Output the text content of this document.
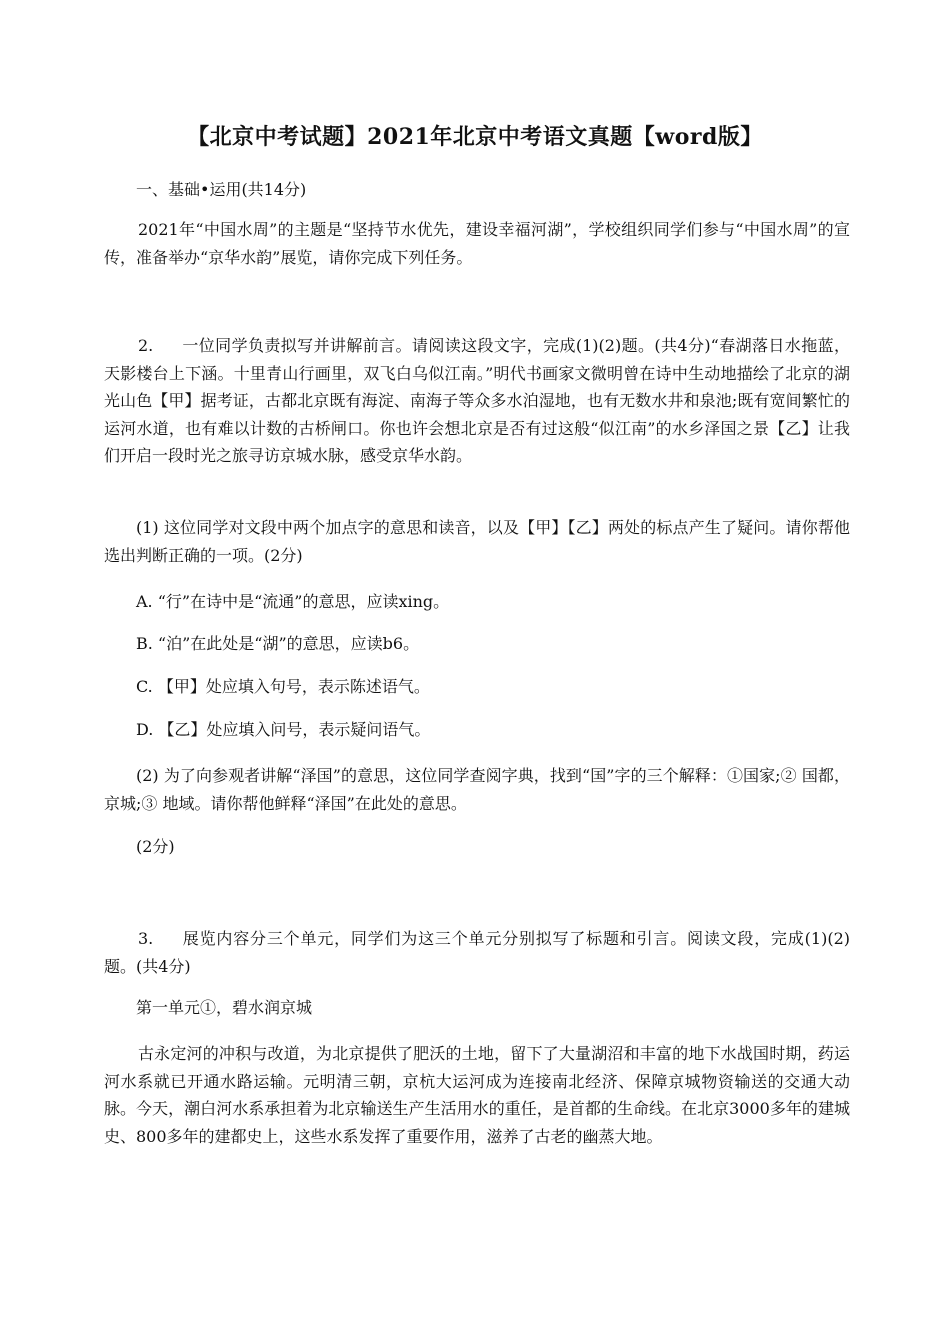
【北京中考试题】2021年北京中考语文真题【word版】
一、基础•运用(共14分)
2021年“中国水周”的主题是“坚持节水优先，建设幸福河湖”，学校组织同学们参与“中国水周”的宣传，准备举办“京华水韵”展览，请你完成下列任务。
2. 一位同学负责拟写并讲解前言。请阅读这段文字，完成(1)(2)题。(共4分)“春湖落日水拖蓝，天影楼台上下涵。十里青山行画里，双飞白乌似江南。”明代书画家文微明曾在诗中生动地描绘了北京的湖光山色【甲】据考证，古都北京既有海淀、南海子等众多水泊湿地，也有无数水井和泉池;既有宽间繁忙的运河水道，也有难以计数的古桥闸口。你也许会想北京是否有过这般“似江南”的水乡泽国之景【乙】让我们开启一段时光之旅寻访京城水脉，感受京华水韵。
(1) 这位同学对文段中两个加点字的意思和读音，以及【甲】【乙】两处的标点产生了疑问。请你帮他选出判断正确的一项。(2分)
A. “行”在诗中是“流通”的意思，应读xing。
B. “泊”在此处是“湖”的意思，应读b6。
C. 【甲】处应填入句号，表示陈述语气。
D. 【乙】处应填入问号，表示疑问语气。
(2) 为了向参观者讲解“泽国”的意思，这位同学查阅字典，找到“国”字的三个解释：①国家;② 国都，京城;③ 地域。请你帮他鲜释“泽国”在此处的意思。
(2分)
3. 展览内容分三个单元，同学们为这三个单元分别拟写了标题和引言。阅读文段，完成(1)(2)题。(共4分)
第一单元①，碧水润京城
古永定河的冲积与改道，为北京提供了肥沃的土地，留下了大量湖沼和丰富的地下水战国时期，药运河水系就已开通水路运输。元明清三朝，京杭大运河成为连接南北经济、保障京城物资输送的交通大动脉。今天，潮白河水系承担着为北京输送生产生活用水的重任，是首都的生命线。在北京3000多年的建城史、800多年的建都史上，这些水系发挥了重要作用，滋养了古老的幽蒸大地。
